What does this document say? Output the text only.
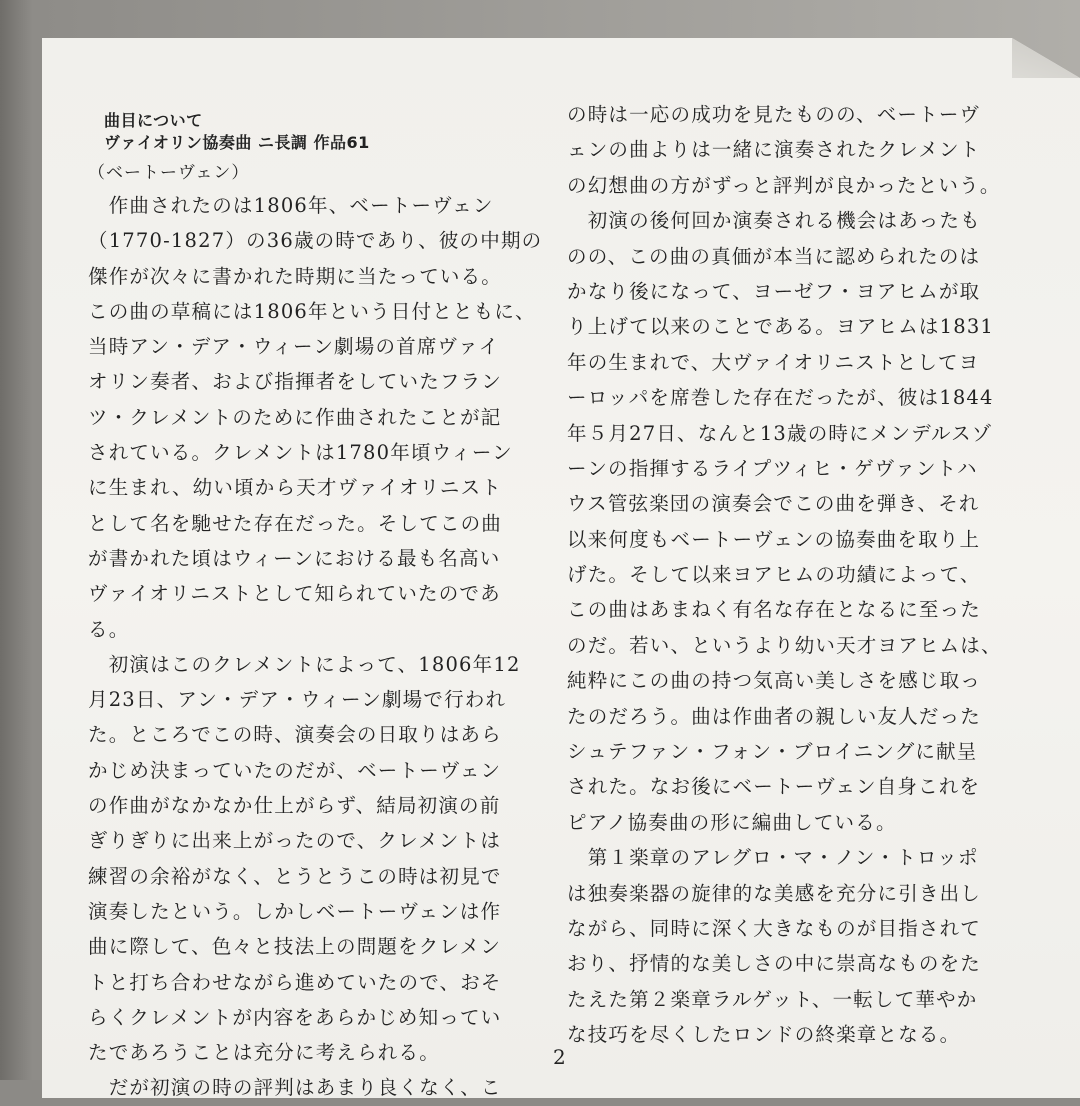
曲目について
ヴァイオリン協奏曲 ニ長調 作品61
（ベートーヴェン）
　作曲されたのは1806年、ベートーヴェン
（1770-1827）の36歳の時であり、彼の中期の
傑作が次々に書かれた時期に当たっている。
この曲の草稿には1806年という日付とともに、
当時アン・デア・ウィーン劇場の首席ヴァイ
オリン奏者、および指揮者をしていたフラン
ツ・クレメントのために作曲されたことが記
されている。クレメントは1780年頃ウィーン
に生まれ、幼い頃から天才ヴァイオリニスト
として名を馳せた存在だった。そしてこの曲
が書かれた頃はウィーンにおける最も名高い
ヴァイオリニストとして知られていたのであ
る。
　初演はこのクレメントによって、1806年12
月23日、アン・デア・ウィーン劇場で行われ
た。ところでこの時、演奏会の日取りはあら
かじめ決まっていたのだが、ベートーヴェン
の作曲がなかなか仕上がらず、結局初演の前
ぎりぎりに出来上がったので、クレメントは
練習の余裕がなく、とうとうこの時は初見で
演奏したという。しかしベートーヴェンは作
曲に際して、色々と技法上の問題をクレメン
トと打ち合わせながら進めていたので、おそ
らくクレメントが内容をあらかじめ知ってい
たであろうことは充分に考えられる。
　だが初演の時の評判はあまり良くなく、こ
の時は一応の成功を見たものの、ベートーヴ
ェンの曲よりは一緒に演奏されたクレメント
の幻想曲の方がずっと評判が良かったという。
　初演の後何回か演奏される機会はあったも
のの、この曲の真価が本当に認められたのは
かなり後になって、ヨーゼフ・ヨアヒムが取
り上げて以来のことである。ヨアヒムは1831
年の生まれで、大ヴァイオリニストとしてヨ
ーロッパを席巻した存在だったが、彼は1844
年５月27日、なんと13歳の時にメンデルスゾ
ーンの指揮するライプツィヒ・ゲヴァントハ
ウス管弦楽団の演奏会でこの曲を弾き、それ
以来何度もベートーヴェンの協奏曲を取り上
げた。そして以来ヨアヒムの功績によって、
この曲はあまねく有名な存在となるに至った
のだ。若い、というより幼い天才ヨアヒムは、
純粋にこの曲の持つ気高い美しさを感じ取っ
たのだろう。曲は作曲者の親しい友人だった
シュテファン・フォン・ブロイニングに献呈
された。なお後にベートーヴェン自身これを
ピアノ協奏曲の形に編曲している。
　第１楽章のアレグロ・マ・ノン・トロッポ
は独奏楽器の旋律的な美感を充分に引き出し
ながら、同時に深く大きなものが目指されて
おり、抒情的な美しさの中に崇高なものをた
たえた第２楽章ラルゲット、一転して華やか
な技巧を尽くしたロンドの終楽章となる。
2
